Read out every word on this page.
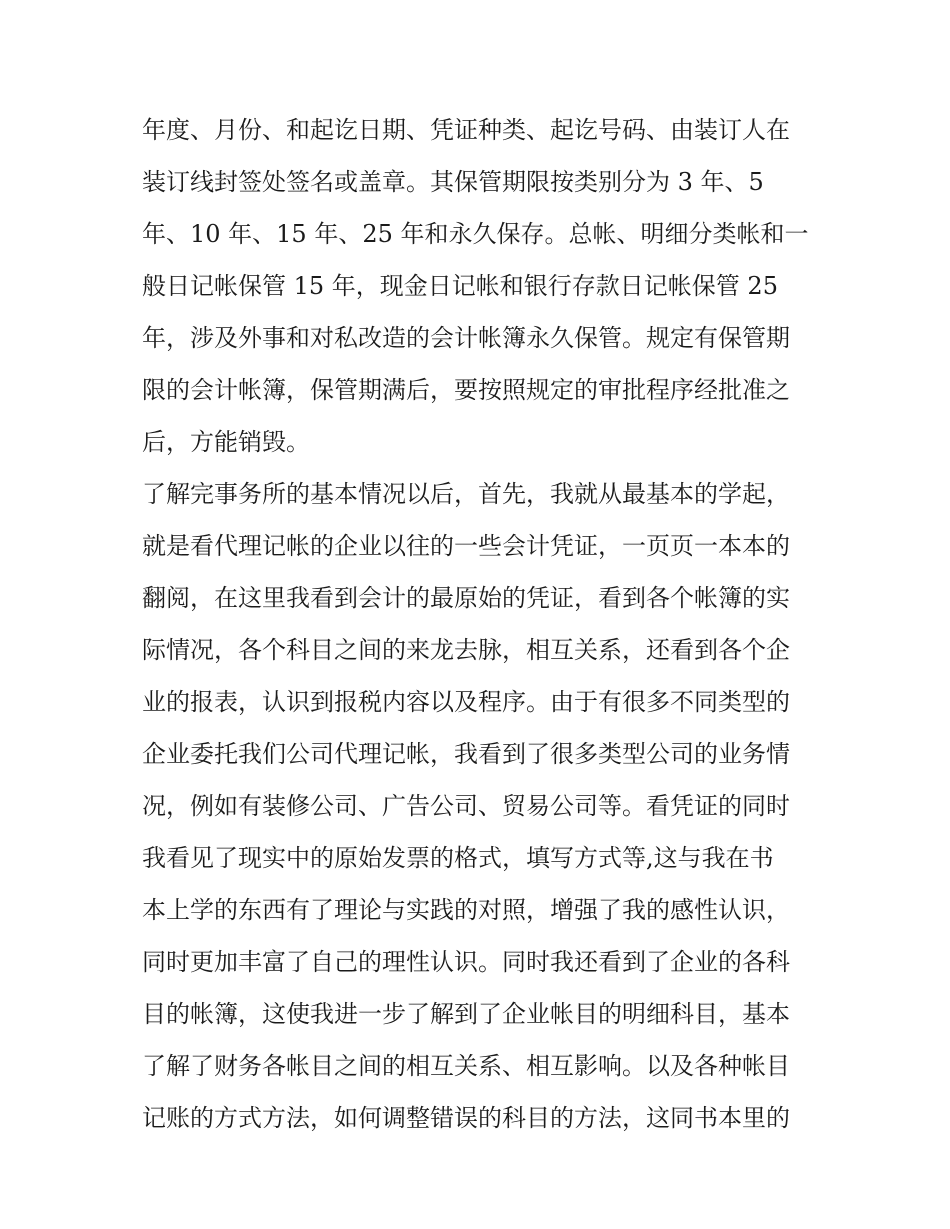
年度、月份、和起讫日期、凭证种类、起讫号码、由装订人在
装订线封签处签名或盖章。其保管期限按类别分为 3 年、5
年、10 年、15 年、25 年和永久保存。总帐、明细分类帐和一
般日记帐保管 15 年，现金日记帐和银行存款日记帐保管 25
年，涉及外事和对私改造的会计帐簿永久保管。规定有保管期
限的会计帐簿，保管期满后，要按照规定的审批程序经批准之
后，方能销毁。
了解完事务所的基本情况以后，首先，我就从最基本的学起，
就是看代理记帐的企业以往的一些会计凭证，一页页一本本的
翻阅，在这里我看到会计的最原始的凭证，看到各个帐簿的实
际情况，各个科目之间的来龙去脉，相互关系，还看到各个企
业的报表，认识到报税内容以及程序。由于有很多不同类型的
企业委托我们公司代理记帐，我看到了很多类型公司的业务情
况，例如有装修公司、广告公司、贸易公司等。看凭证的同时
我看见了现实中的原始发票的格式，填写方式等,这与我在书
本上学的东西有了理论与实践的对照，增强了我的感性认识，
同时更加丰富了自己的理性认识。同时我还看到了企业的各科
目的帐簿，这使我进一步了解到了企业帐目的明细科目，基本
了解了财务各帐目之间的相互关系、相互影响。以及各种帐目
记账的方式方法，如何调整错误的科目的方法，这同书本里的
